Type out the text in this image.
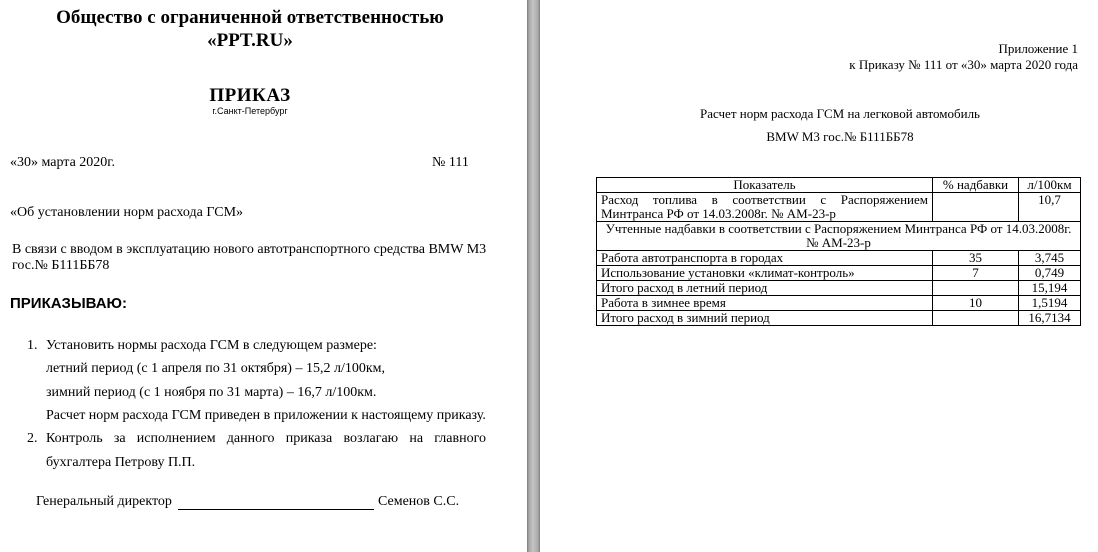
Общество с ограниченной ответственностью
«PPT.RU»
ПРИКАЗ
г.Санкт-Петербург
«30» марта 2020г.	№ 111
«Об установлении норм расхода ГСМ»
В связи с вводом в эксплуатацию нового автотранспортного средства BMW M3
гос.№ Б111ББ78
ПРИКАЗЫВАЮ:
1. Установить нормы расхода ГСМ в следующем размере:
летний период (с 1 апреля по 31 октября) – 15,2 л/100км,
зимний период (с 1 ноября по 31 марта) – 16,7 л/100км.
Расчет норм расхода ГСМ приведен в приложении к настоящему приказу.
2. Контроль за исполнением данного приказа возлагаю на главного
бухгалтера Петрову П.П.
Генеральный директор	Семенов С.С.
Приложение 1
к Приказу № 111 от «30» марта 2020 года
Расчет норм расхода ГСМ на легковой автомобиль
BMW M3 гос.№ Б111ББ78
Показатель	% надбавки	л/100км
Расход топлива в соответствии с Распоряжением Минтранса РФ от 14.03.2008г. № АМ-23-р		10,7
Учтенные надбавки в соответствии с Распоряжением Минтранса РФ от 14.03.2008г. № АМ-23-р		
Работа автотранспорта в городах	35	3,745
Использование установки «климат-контроль»	7	0,749
Итого расход в летний период		15,194
Работа в зимнее время	10	1,5194
Итого расход в зимний период		16,7134
